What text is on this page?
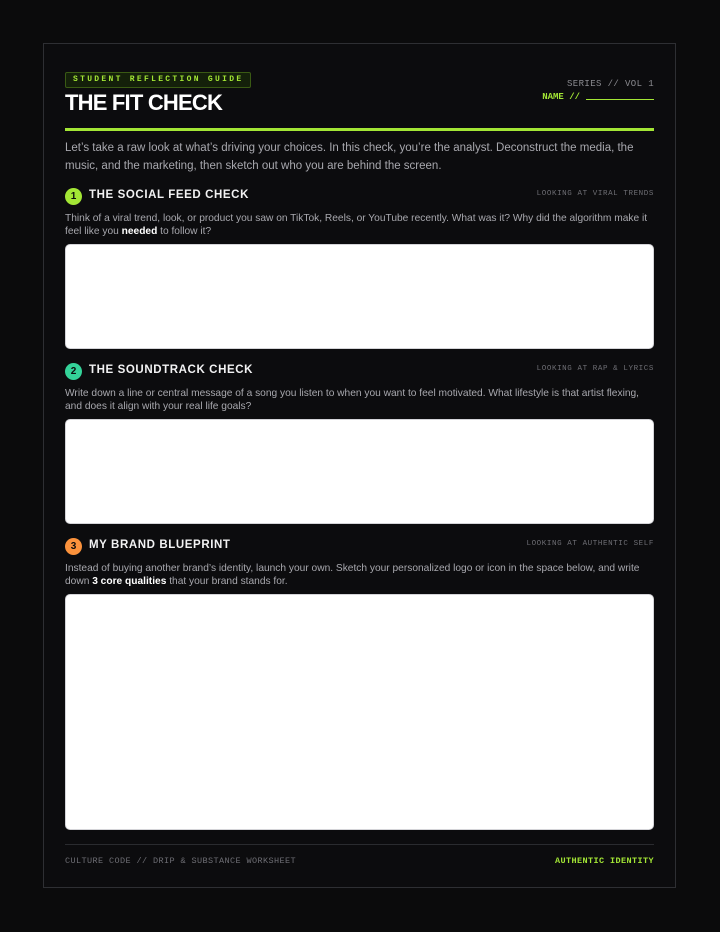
STUDENT REFLECTION GUIDE
THE FIT CHECK
SERIES // VOL 1
NAME //
Let’s take a raw look at what’s driving your choices. In this check, you’re the analyst. Deconstruct the media, the music, and the marketing, then sketch out who you are behind the screen.
1	THE SOCIAL FEED CHECK	LOOKING AT VIRAL TRENDS
Think of a viral trend, look, or product you saw on TikTok, Reels, or YouTube recently. What was it? Why did the algorithm make it feel like you needed to follow it?
2	THE SOUNDTRACK CHECK	LOOKING AT RAP & LYRICS
Write down a line or central message of a song you listen to when you want to feel motivated. What lifestyle is that artist flexing, and does it align with your real life goals?
3	MY BRAND BLUEPRINT	LOOKING AT AUTHENTIC SELF
Instead of buying another brand’s identity, launch your own. Sketch your personalized logo or icon in the space below, and write down 3 core qualities that your brand stands for.
CULTURE CODE // DRIP & SUBSTANCE WORKSHEET	AUTHENTIC IDENTITY
